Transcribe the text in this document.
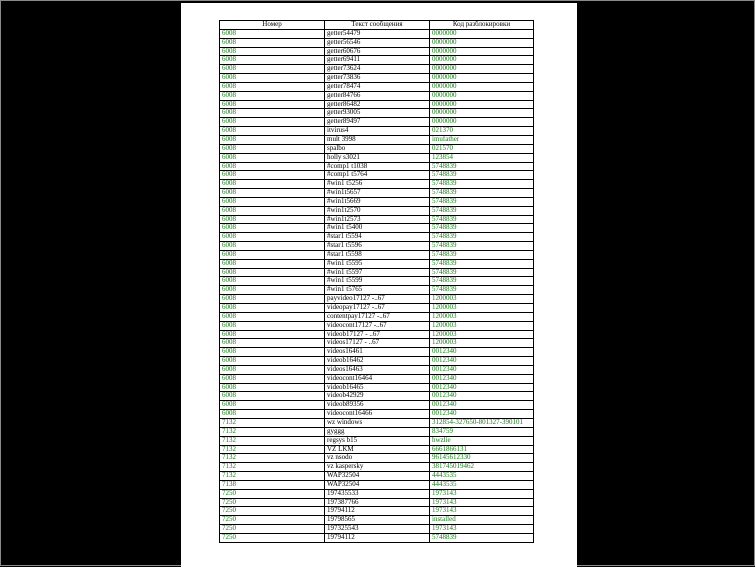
Номер	Текст сообщения	Код разблокировки
6008	getter54479	0000000
6008	getter56546	0000000
6008	getter60676	0000000
6008	getter69411	0000000
6008	getter73624	0000000
6008	getter73836	0000000
6008	getter78474	0000000
6008	getter84766	0000000
6008	getter86482	0000000
6008	getter93005	0000000
6008	getter89497	0000000
6008	itvirus4	021370
6008	mult 3998	imufather
6008	spalbo	021570
6008	holly s3021	123854
6008	#comp1 t1038	5748839
6008	#comp1 t5764	5748839
6008	#win1 t5256	5748839
6008	#win1t5657	5748839
6008	#win1t5669	5748839
6008	#win1t2570	5748839
6008	#win1t2573	5748839
6008	#win1 t5400	5748839
6008	#star1 t5594	5748839
6008	#star1 t5596	5748839
6008	#star1 t5598	5748839
6008	#win1 t5595	5748839
6008	#win1 t5597	5748839
6008	#win1 t5599	5748839
6008	#win1 t5765	5748839
6008	payvideo17127 -..67	1200003
6008	videopay17127 -..67	1200003
6008	contentpay17127 -..67	1200003
6008	videocont17127 -..67	1200003
6008	videob17127 - ..67	1200003
6008	videos17127 - ..67	1200003
6008	videos16461	0012340
6008	videob16462	0012340
6008	videos16463	0012340
6008	videocont16464	0012340
6008	videob16465	0012340
6008	videob42929	0012340
6008	videob89356	0012340
6008	videocont16466	0012340
7132	wz windows	312854-327650-801327-390101
7132	gyggg	834759
7132	regsys b15	hwzlie
7132	VZ LKM	6661866131
7132	vz nsodo	96145612330
7132	vz kaspersky	381745019462
7132	WAP32504	4443535
7138	WAP32504	4443535
7250	197435533	1973143
7250	197387766	1973143
7250	19794112	1973143
7250	19798565	installed
7250	197325543	1973143
7250	19794112	5748839
